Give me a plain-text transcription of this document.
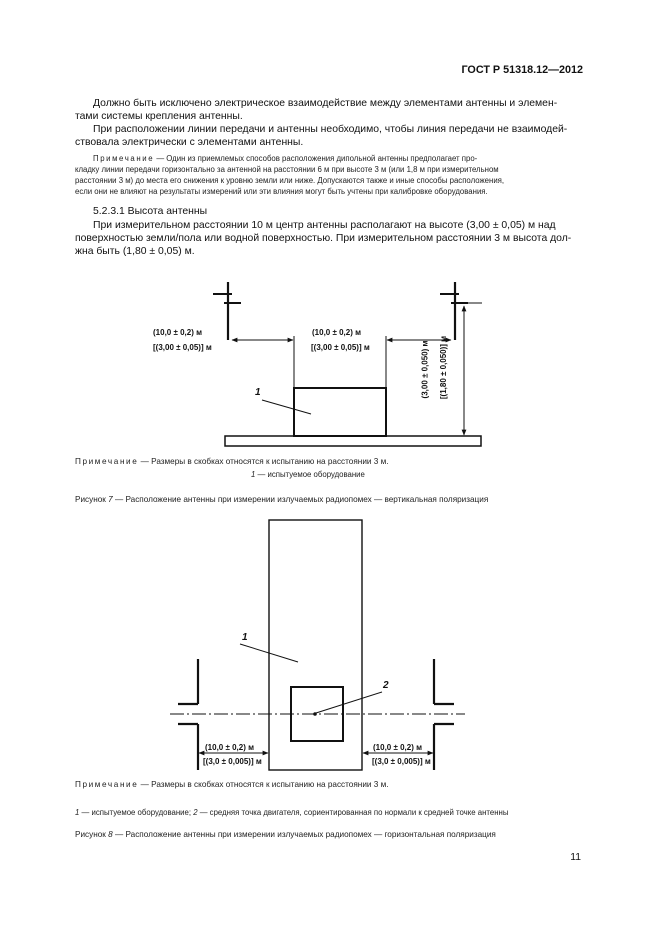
ГОСТ Р 51318.12—2012
Должно быть исключено электрическое взаимодействие между элементами антенны и элемен-
тами системы крепления антенны.
При расположении линии передачи и антенны необходимо, чтобы линия передачи не взаимодей-
ствовала электрически с элементами антенны.
Примечание — Один из приемлемых способов расположения дипольной антенны предполагает про-
кладку линии передачи горизонтально за антенной на расстоянии 6 м при высоте 3 м (или 1,8 м при измерительном
расстоянии 3 м) до места его снижения к уровню земли или ниже. Допускаются также и иные способы расположения,
если они не влияют на результаты измерений или эти влияния могут быть учтены при калибровке оборудования.
5.2.3.1 Высота антенны
При измерительном расстоянии 10 м центр антенны располагают на высоте (3,00 ± 0,05) м над
поверхностью земли/пола или водной поверхностью. При измерительном расстоянии 3 м высота дол-
жна быть (1,80 ± 0,05) м.
(10,0 ± 0,2) м
[(3,00 ± 0,05)] м
(10,0 ± 0,2) м
[(3,00 ± 0,05)] м	(3,00 ± 0,050) м [(1,80 ± 0,050)] м
1
Примечание — Размеры в скобках относятся к испытанию на расстоянии 3 м.
1 — испытуемое оборудование
Рисунок 7 — Расположение антенны при измерении излучаемых радиопомех — вертикальная поляризация
1
2
(10,0 ± 0,2) м
[(3,0 ± 0,005)] м
(10,0 ± 0,2) м
[(3,0 ± 0,005)] м
Примечание — Размеры в скобках относятся к испытанию на расстоянии 3 м.
1 — испытуемое оборудование; 2 — средняя точка двигателя, сориентированная по нормали к средней точке антенны
Рисунок 8 — Расположение антенны при измерении излучаемых радиопомех — горизонтальная поляризация
11
